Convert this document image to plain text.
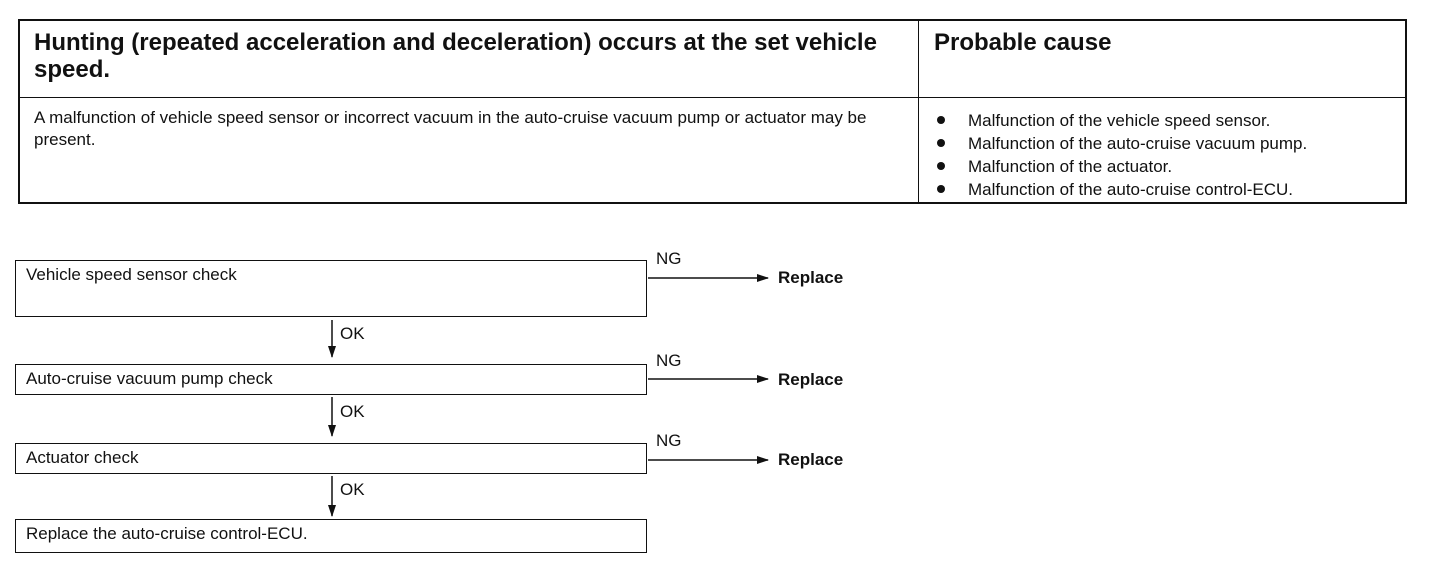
Hunting (repeated acceleration and deceleration) occurs at the set vehicle speed.
Probable cause
A malfunction of vehicle speed sensor or incorrect vacuum in the auto-cruise vacuum pump or actuator may be present.
Malfunction of the vehicle speed sensor.
Malfunction of the auto-cruise vacuum pump.
Malfunction of the actuator.
Malfunction of the auto-cruise control-ECU.
Vehicle speed sensor check
Auto-cruise vacuum pump check
Actuator check
Replace the auto-cruise control-ECU.
NG
NG
NG
Replace
Replace
Replace
OK
OK
OK
